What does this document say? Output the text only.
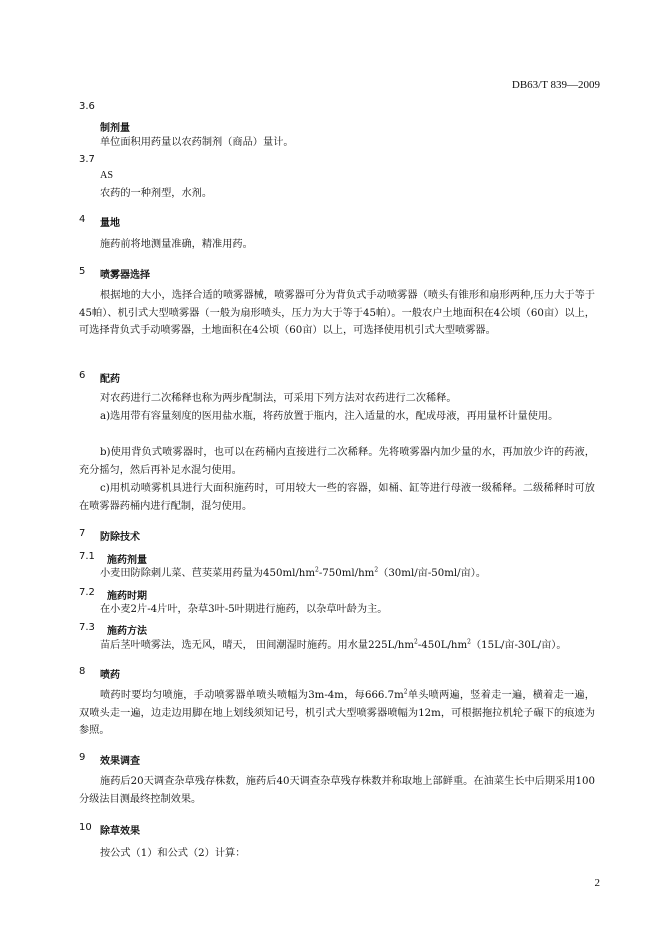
DB63/T 839—2009
3.6
制剂量
单位面积用药量以农药制剂（商品）量计。
3.7
AS
农药的一种剂型，水剂。
4 量地
施药前将地测量准确，精准用药。
5 喷雾器选择
根据地的大小，选择合适的喷雾器械，喷雾器可分为背负式手动喷雾器（喷头有锥形和扇形两种,压力大于等于45帕）、机引式大型喷雾器（一般为扇形喷头，压力为大于等于45帕）。一般农户土地面积在4公顷（60亩）以上，可选择背负式手动喷雾器，土地面积在4公顷（60亩）以上，可选择使用机引式大型喷雾器。
6 配药
对农药进行二次稀释也称为两步配制法，可采用下列方法对农药进行二次稀释。
a)选用带有容量刻度的医用盐水瓶，将药放置于瓶内，注入适量的水，配成母液，再用量杯计量使用。
b)使用背负式喷雾器时，也可以在药桶内直接进行二次稀释。先将喷雾器内加少量的水，再加放少许的药液，充分摇匀，然后再补足水混匀使用。
c)用机动喷雾机具进行大面积施药时，可用较大一些的容器，如桶、缸等进行母液一级稀释。二级稀释时可放在喷雾器药桶内进行配制，混匀使用。
7 防除技术
7.1 施药剂量
小麦田防除刺儿菜、苣荬菜用药量为$450ml/hm^2-750ml/hm^2(30ml/$亩-50ml/亩）。
7.2 施药时期
在小麦2片-4片叶，杂草3叶-5叶期进行施药，以杂草叶龄为主。
7.3 施药方法
苗后茎叶喷雾法，选无风，晴天， 田间潮湿时施药。用水量$225L/hm^2-450L/hm^2(15L/$亩-30L/亩）。
8 喷药
喷药时要均匀喷施，手动喷雾器单喷头喷幅为3m-4m，每$666.7m^2$单头喷两遍，竖着走一遍，横着走一遍，双喷头走一遍，边走边用脚在地上划线须知记号，机引式大型喷雾器喷幅为12m，可根据拖拉机轮子碾下的痕迹为参照。
9 效果调查
施药后20天调查杂草残存株数，施药后40天调查杂草残存株数并称取地上部鲜重。在油菜生长中后期采用100分级法目测最终控制效果。
10 除草效果
按公式（1）和公式（2）计算：
2
